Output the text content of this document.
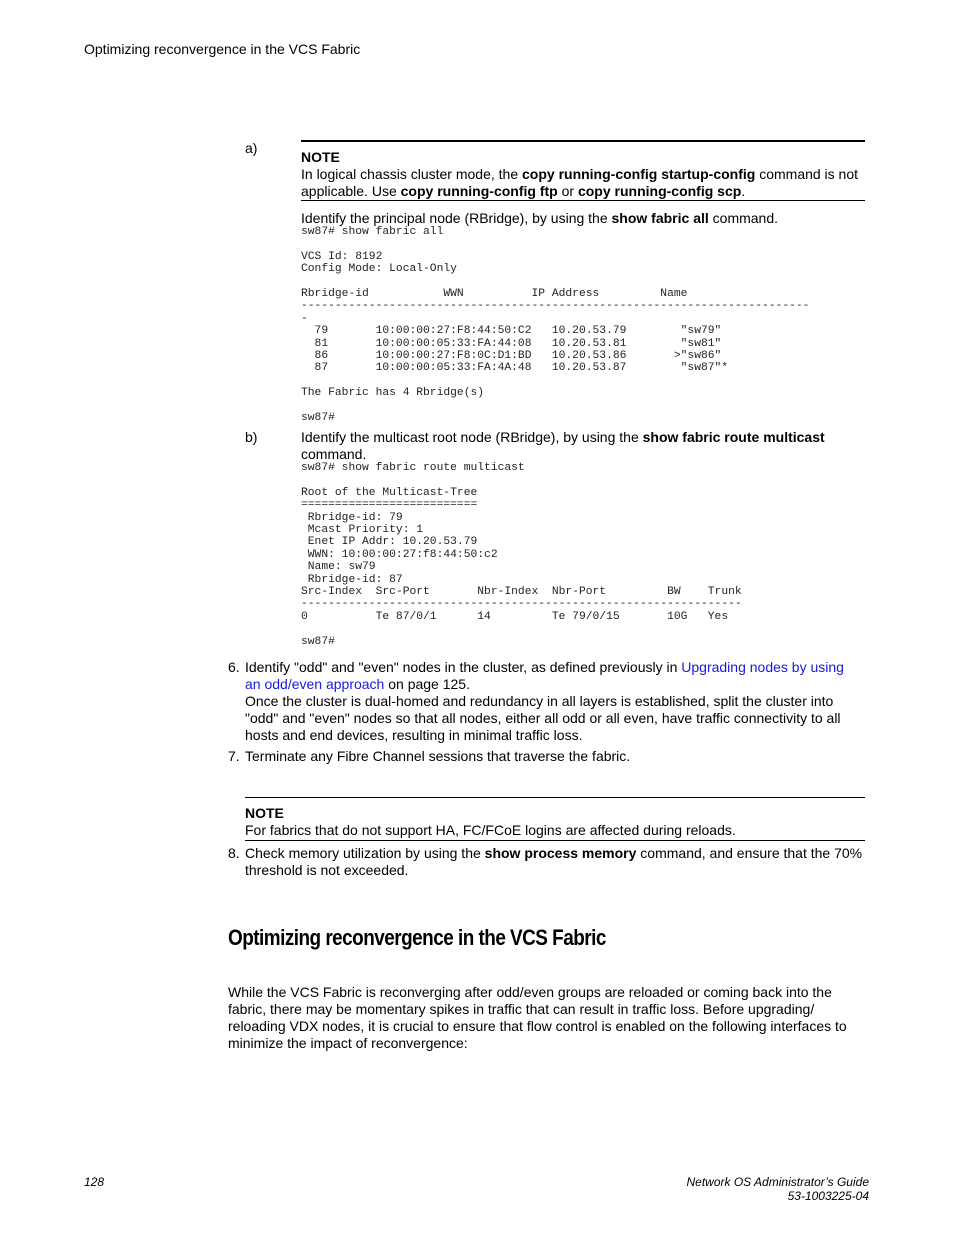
Optimizing reconvergence in the VCS Fabric
a)
NOTE
In logical chassis cluster mode, the copy running-config startup-config command is not applicable. Use copy running-config ftp or copy running-config scp.
Identify the principal node (RBridge), by using the show fabric all command.
sw87# show fabric all

VCS Id: 8192
Config Mode: Local-Only

Rbridge-id           WWN          IP Address         Name
---------------------------------------------------------------------------
-
79       10:00:00:27:F8:44:50:C2   10.20.53.79        "sw79"
81       10:00:00:05:33:FA:44:08   10.20.53.81        "sw81"
86       10:00:00:27:F8:0C:D1:BD   10.20.53.86       >"sw86"
87       10:00:00:05:33:FA:4A:48   10.20.53.87        "sw87"*

The Fabric has 4 Rbridge(s)

sw87#
b)	Identify the multicast root node (RBridge), by using the show fabric route multicast
command.
sw87# show fabric route multicast

Root of the Multicast-Tree
==========================
Rbridge-id: 79
Mcast Priority: 1
Enet IP Addr: 10.20.53.79
WWN: 10:00:00:27:f8:44:50:c2
Name: sw79
Rbridge-id: 87
Src-Index  Src-Port       Nbr-Index  Nbr-Port         BW    Trunk
-----------------------------------------------------------------
0          Te 87/0/1      14         Te 79/0/15       10G   Yes

sw87#
6. Identify "odd" and "even" nodes in the cluster, as defined previously in Upgrading nodes by using
an odd/even approach on page 125.
Once the cluster is dual-homed and redundancy in all layers is established, split the cluster into "odd" and "even" nodes so that all nodes, either all odd or all even, have traffic connectivity to all hosts and end devices, resulting in minimal traffic loss.
7. Terminate any Fibre Channel sessions that traverse the fabric.
NOTE
For fabrics that do not support HA, FC/FCoE logins are affected during reloads.
8. Check memory utilization by using the show process memory command, and ensure that the 70% threshold is not exceeded.
Optimizing reconvergence in the VCS Fabric
While the VCS Fabric is reconverging after odd/even groups are reloaded or coming back into the fabric, there may be momentary spikes in traffic that can result in traffic loss. Before upgrading/ reloading VDX nodes, it is crucial to ensure that flow control is enabled on the following interfaces to minimize the impact of reconvergence:
128	Network OS Administrator’s Guide
53-1003225-04
